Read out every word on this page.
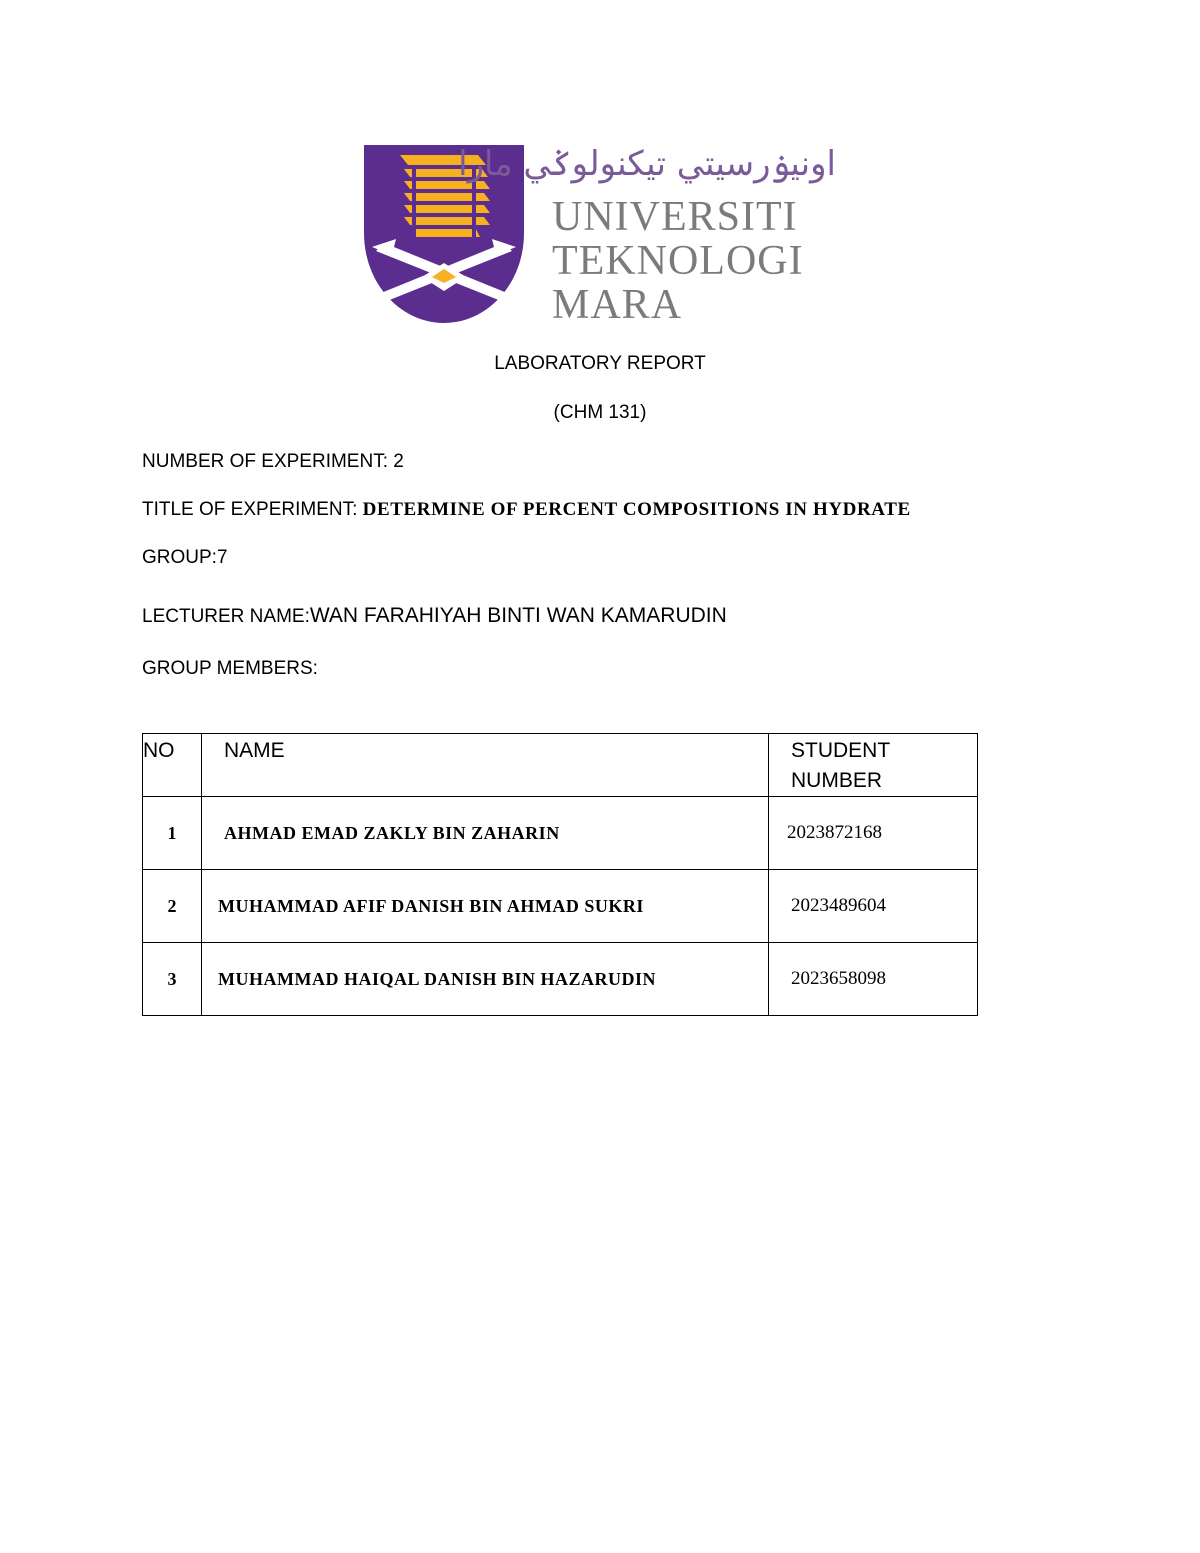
اونيۏرسيتي تيكنولوݢي مارا
UNIVERSITI
TEKNOLOGI
MARA
LABORATORY REPORT
(CHM 131)
NUMBER OF EXPERIMENT: 2
TITLE OF EXPERIMENT: DETERMINE OF PERCENT COMPOSITIONS IN HYDRATE
GROUP:7
LECTURER NAME:WAN FARAHIYAH BINTI WAN KAMARUDIN
GROUP MEMBERS:
NO	NAME	STUDENT NUMBER

1	AHMAD EMAD ZAKLY BIN ZAHARIN	2023872168

2	MUHAMMAD AFIF DANISH BIN AHMAD SUKRI	2023489604

3	MUHAMMAD HAIQAL DANISH BIN HAZARUDIN	2023658098
